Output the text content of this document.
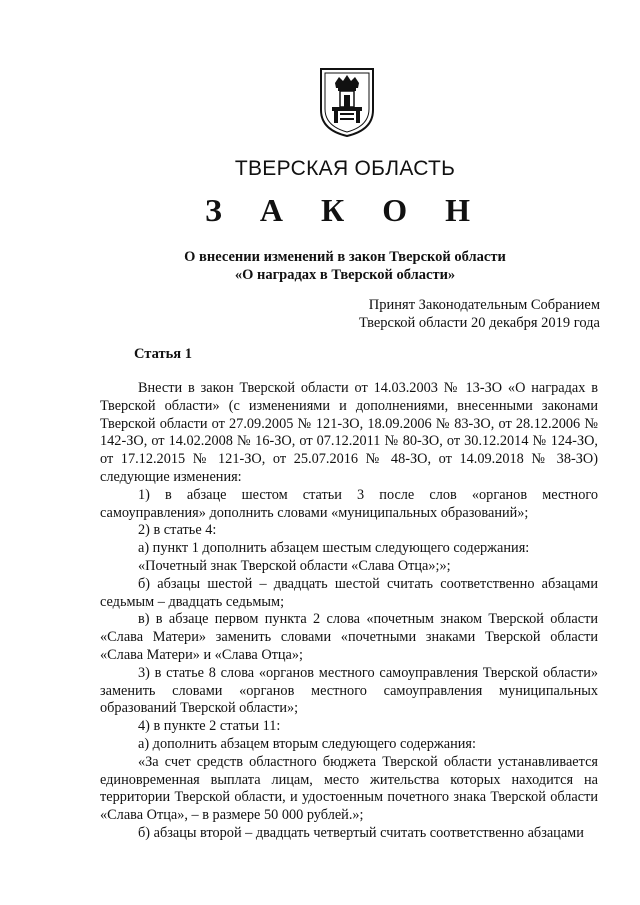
ТВЕРСКАЯ ОБЛАСТЬ
З А К О Н
О внесении изменений в закон Тверской области
«О наградах в Тверской области»
Принят Законодательным Собранием
Тверской области 20 декабря 2019 года
Статья 1

Внести в закон Тверской области от 14.03.2003 № 13-ЗО «О наградах в Тверской области» (с изменениями и дополнениями, внесенными законами Тверской области от 27.09.2005 № 121-ЗО, 18.09.2006 № 83-ЗО, от 28.12.2006 № 142-ЗО, от 14.02.2008 № 16-ЗО, от 07.12.2011 № 80-ЗО, от 30.12.2014 № 124-ЗО, от 17.12.2015 № 121-ЗО, от 25.07.2016 № 48-ЗО, от 14.09.2018 № 38-ЗО) следующие изменения:

1) в абзаце шестом статьи 3 после слов «органов местного самоуправления» дополнить словами «муниципальных образований»;

2) в статье 4:

а) пункт 1 дополнить абзацем шестым следующего содержания:

«Почетный знак Тверской области «Слава Отца»;»;

б) абзацы шестой – двадцать шестой считать соответственно абзацами седьмым – двадцать седьмым;

в) в абзаце первом пункта 2 слова «почетным знаком Тверской области «Слава Матери» заменить словами «почетными знаками Тверской области «Слава Матери» и «Слава Отца»;

3) в статье 8 слова «органов местного самоуправления Тверской области» заменить словами «органов местного самоуправления муниципальных образований Тверской области»;

4) в пункте 2 статьи 11:

а) дополнить абзацем вторым следующего содержания:

«За счет средств областного бюджета Тверской области устанавливается единовременная выплата лицам, место жительства которых находится на территории Тверской области, и удостоенным почетного знака Тверской области «Слава Отца», – в размере 50 000 рублей.»;

б) абзацы второй – двадцать четвертый считать соответственно абзацами
